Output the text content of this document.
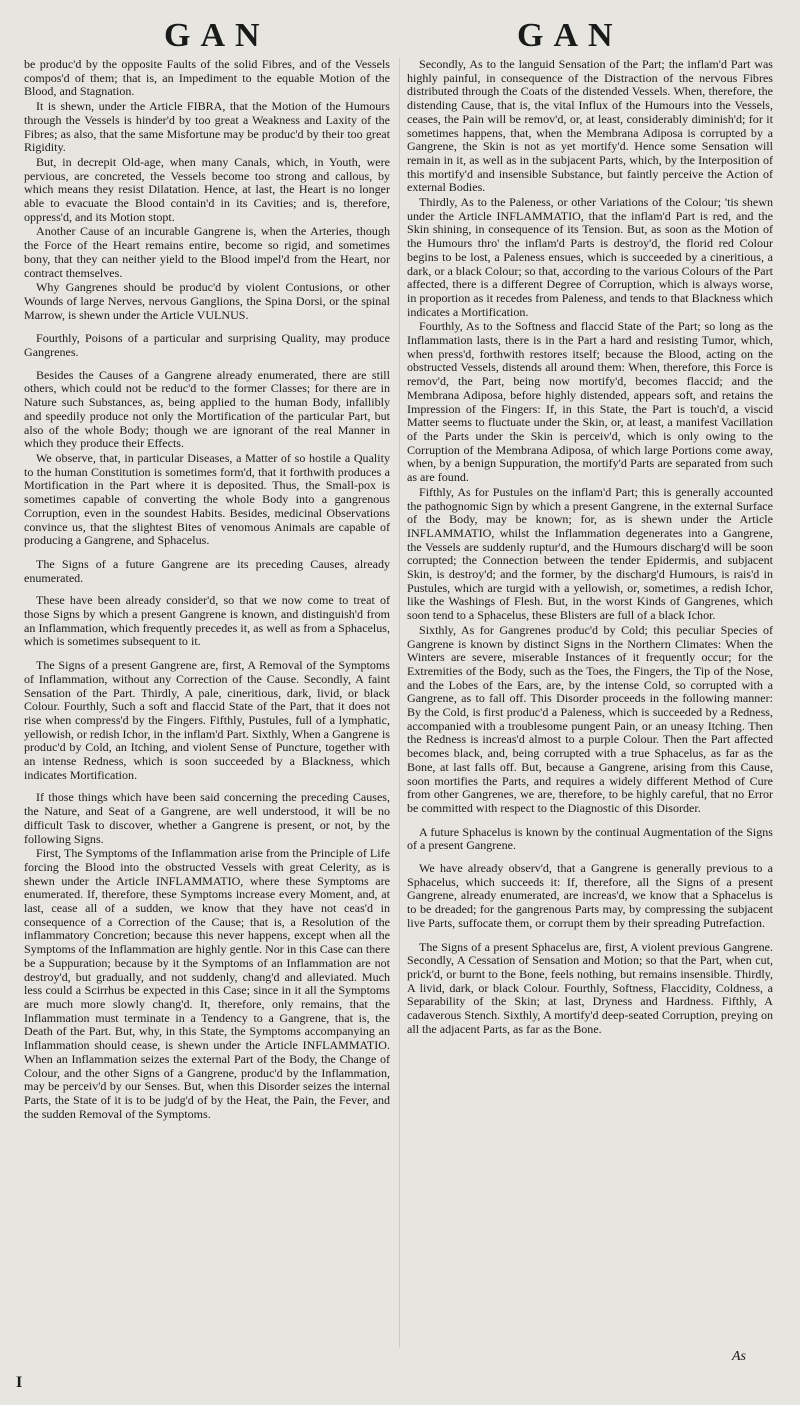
GAN	GAN

be produc'd by the opposite Faults of the solid Fibres, and of the Vessels compos'd of them; that is, an Impediment to the equable Motion of the Blood, and Stagnation.

It is shewn, under the Article FIBRA, that the Motion of the Humours through the Vessels is hinder'd by too great a Weakness and Laxity of the Fibres; as also, that the same Misfortune may be produc'd by their too great Rigidity.

But, in decrepit Old-age, when many Canals, which, in Youth, were pervious, are concreted, the Vessels become too strong and callous, by which means they resist Dilatation. Hence, at last, the Heart is no longer able to evacuate the Blood contain'd in its Cavities; and is, therefore, oppress'd, and its Motion stopt.

Another Cause of an incurable Gangrene is, when the Arteries, though the Force of the Heart remains entire, become so rigid, and sometimes bony, that they can neither yield to the Blood impel'd from the Heart, nor contract themselves.

Why Gangrenes should be produc'd by violent Contusions, or other Wounds of large Nerves, nervous Ganglions, the Spina Dorsi, or the spinal Marrow, is shewn under the Article VULNUS.

Fourthly, Poisons of a particular and surprising Quality, may produce Gangrenes.

Besides the Causes of a Gangrene already enumerated, there are still others, which could not be reduc'd to the former Classes; for there are in Nature such Substances, as, being applied to the human Body, infallibly and speedily produce not only the Mortification of the particular Part, but also of the whole Body; though we are ignorant of the real Manner in which they produce their Effects.

We observe, that, in particular Diseases, a Matter of so hostile a Quality to the human Constitution is sometimes form'd, that it forthwith produces a Mortification in the Part where it is deposited. Thus, the Small-pox is sometimes capable of converting the whole Body into a gangrenous Corruption, even in the soundest Habits. Besides, medicinal Observations convince us, that the slightest Bites of venomous Animals are capable of producing a Gangrene, and Sphacelus.

The Signs of a future Gangrene are its preceding Causes, already enumerated.

These have been already consider'd, so that we now come to treat of those Signs by which a present Gangrene is known, and distinguish'd from an Inflammation, which frequently precedes it, as well as from a Sphacelus, which is sometimes subsequent to it.

The Signs of a present Gangrene are, first, A Removal of the Symptoms of Inflammation, without any Correction of the Cause. Secondly, A faint Sensation of the Part. Thirdly, A pale, cineritious, dark, livid, or black Colour. Fourthly, Such a soft and flaccid State of the Part, that it does not rise when compress'd by the Fingers. Fifthly, Pustules, full of a lymphatic, yellowish, or redish Ichor, in the inflam'd Part. Sixthly, When a Gangrene is produc'd by Cold, an Itching, and violent Sense of Puncture, together with an intense Redness, which is soon succeeded by a Blackness, which indicates Mortification.

If those things which have been said concerning the preceding Causes, the Nature, and Seat of a Gangrene, are well understood, it will be no difficult Task to discover, whether a Gangrene is present, or not, by the following Signs.

First, The Symptoms of the Inflammation arise from the Principle of Life forcing the Blood into the obstructed Vessels with great Celerity, as is shewn under the Article INFLAMMATIO, where these Symptoms are enumerated. If, therefore, these Symptoms increase every Moment, and, at last, cease all of a sudden, we know that they have not ceas'd in consequence of a Correction of the Cause; that is, a Resolution of the inflammatory Concretion; because this never happens, except when all the Symptoms of the Inflammation are highly gentle. Nor in this Case can there be a Suppuration; because by it the Symptoms of an Inflammation are not destroy'd, but gradually, and not suddenly, chang'd and alleviated. Much less could a Scirrhus be expected in this Case; since in it all the Symptoms are much more slowly chang'd. It, therefore, only remains, that the Inflammation must terminate in a Tendency to a Gangrene, that is, the Death of the Part. But, why, in this State, the Symptoms accompanying an Inflammation should cease, is shewn under the Article INFLAMMATIO. When an Inflammation seizes the external Part of the Body, the Change of Colour, and the other Signs of a Gangrene, produc'd by the Inflammation, may be perceiv'd by our Senses. But, when this Disorder seizes the internal Parts, the State of it is to be judg'd of by the Heat, the Pain, the Fever, and the sudden Removal of the Symptoms.

Secondly, As to the languid Sensation of the Part; the inflam'd Part was highly painful, in consequence of the Distraction of the nervous Fibres distributed through the Coats of the distended Vessels. When, therefore, the distending Cause, that is, the vital Influx of the Humours into the Vessels, ceases, the Pain will be remov'd, or, at least, considerably diminish'd; for it sometimes happens, that, when the Membrana Adiposa is corrupted by a Gangrene, the Skin is not as yet mortify'd. Hence some Sensation will remain in it, as well as in the subjacent Parts, which, by the Interposition of this mortify'd and insensible Substance, but faintly perceive the Action of external Bodies.

Thirdly, As to the Paleness, or other Variations of the Colour; 'tis shewn under the Article INFLAMMATIO, that the inflam'd Part is red, and the Skin shining, in consequence of its Tension. But, as soon as the Motion of the Humours thro' the inflam'd Parts is destroy'd, the florid red Colour begins to be lost, a Paleness ensues, which is succeeded by a cineritious, a dark, or a black Colour; so that, according to the various Colours of the Part affected, there is a different Degree of Corruption, which is always worse, in proportion as it recedes from Paleness, and tends to that Blackness which indicates a Mortification.

Fourthly, As to the Softness and flaccid State of the Part; so long as the Inflammation lasts, there is in the Part a hard and resisting Tumor, which, when press'd, forthwith restores itself; because the Blood, acting on the obstructed Vessels, distends all around them: When, therefore, this Force is remov'd, the Part, being now mortify'd, becomes flaccid; and the Membrana Adiposa, before highly distended, appears soft, and retains the Impression of the Fingers: If, in this State, the Part is touch'd, a viscid Matter seems to fluctuate under the Skin, or, at least, a manifest Vacillation of the Parts under the Skin is perceiv'd, which is only owing to the Corruption of the Membrana Adiposa, of which large Portions come away, when, by a benign Suppuration, the mortify'd Parts are separated from such as are found.

Fifthly, As for Pustules on the inflam'd Part; this is generally accounted the pathognomic Sign by which a present Gangrene, in the external Surface of the Body, may be known; for, as is shewn under the Article INFLAMMATIO, whilst the Inflammation degenerates into a Gangrene, the Vessels are suddenly ruptur'd, and the Humours discharg'd will be soon corrupted; the Connection between the tender Epidermis, and subjacent Skin, is destroy'd; and the former, by the discharg'd Humours, is rais'd in Pustules, which are turgid with a yellowish, or, sometimes, a redish Ichor, like the Washings of Flesh. But, in the worst Kinds of Gangrenes, which soon tend to a Sphacelus, these Blisters are full of a black Ichor.

Sixthly, As for Gangrenes produc'd by Cold; this peculiar Species of Gangrene is known by distinct Signs in the Northern Climates: When the Winters are severe, miserable Instances of it frequently occur; for the Extremities of the Body, such as the Toes, the Fingers, the Tip of the Nose, and the Lobes of the Ears, are, by the intense Cold, so corrupted with a Gangrene, as to fall off. This Disorder proceeds in the following manner: By the Cold, is first produc'd a Paleness, which is succeeded by a Redness, accompanied with a troublesome pungent Pain, or an uneasy Itching. Then the Redness is increas'd almost to a purple Colour. Then the Part affected becomes black, and, being corrupted with a true Sphacelus, as far as the Bone, at last falls off. But, because a Gangrene, arising from this Cause, soon mortifies the Parts, and requires a widely different Method of Cure from other Gangrenes, we are, therefore, to be highly careful, that no Error be committed with respect to the Diagnostic of this Disorder.

A future Sphacelus is known by the continual Augmentation of the Signs of a present Gangrene.

We have already observ'd, that a Gangrene is generally previous to a Sphacelus, which succeeds it: If, therefore, all the Signs of a present Gangrene, already enumerated, are increas'd, we know that a Sphacelus is to be dreaded; for the gangrenous Parts may, by compressing the subjacent live Parts, suffocate them, or corrupt them by their spreading Putrefaction.

The Signs of a present Sphacelus are, first, A violent previous Gangrene. Secondly, A Cessation of Sensation and Motion; so that the Part, when cut, prick'd, or burnt to the Bone, feels nothing, but remains insensible. Thirdly, A livid, dark, or black Colour. Fourthly, Softness, Flaccidity, Coldness, a Separability of the Skin; at last, Dryness and Hardness. Fifthly, A cadaverous Stench. Sixthly, A mortify'd deep-seated Corruption, preying on all the adjacent Parts, as far as the Bone.

I
As
